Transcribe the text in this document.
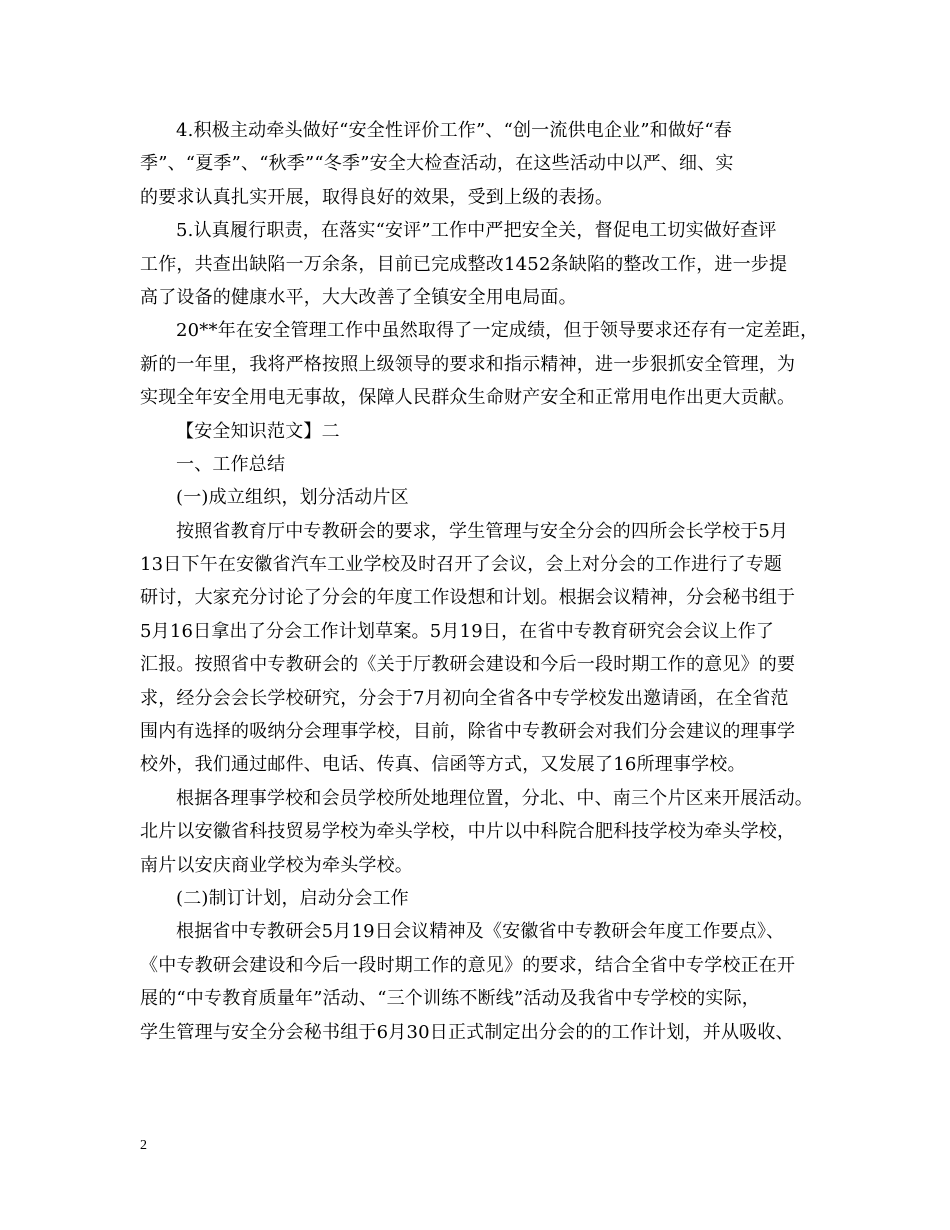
4.积极主动牵头做好“安全性评价工作”、“创一流供电企业”和做好“春
季”、“夏季”、“秋季”“冬季”安全大检查活动，在这些活动中以严、细、实
的要求认真扎实开展，取得良好的效果，受到上级的表扬。
5.认真履行职责，在落实“安评”工作中严把安全关，督促电工切实做好查评
工作，共查出缺陷一万余条，目前已完成整改1452条缺陷的整改工作，进一步提
高了设备的健康水平，大大改善了全镇安全用电局面。
20**年在安全管理工作中虽然取得了一定成绩，但于领导要求还存有一定差距，
新的一年里，我将严格按照上级领导的要求和指示精神，进一步狠抓安全管理，为
实现全年安全用电无事故，保障人民群众生命财产安全和正常用电作出更大贡献。
【安全知识范文】二
一、工作总结
(一)成立组织，划分活动片区
按照省教育厅中专教研会的要求，学生管理与安全分会的四所会长学校于5月
13日下午在安徽省汽车工业学校及时召开了会议，会上对分会的工作进行了专题
研讨，大家充分讨论了分会的年度工作设想和计划。根据会议精神，分会秘书组于
5月16日拿出了分会工作计划草案。5月19日，在省中专教育研究会会议上作了
汇报。按照省中专教研会的《关于厅教研会建设和今后一段时期工作的意见》的要
求，经分会会长学校研究，分会于7月初向全省各中专学校发出邀请函，在全省范
围内有选择的吸纳分会理事学校，目前，除省中专教研会对我们分会建议的理事学
校外，我们通过邮件、电话、传真、信函等方式，又发展了16所理事学校。
根据各理事学校和会员学校所处地理位置，分北、中、南三个片区来开展活动。
北片以安徽省科技贸易学校为牵头学校，中片以中科院合肥科技学校为牵头学校，
南片以安庆商业学校为牵头学校。
(二)制订计划，启动分会工作
根据省中专教研会5月19日会议精神及《安徽省中专教研会年度工作要点》、
《中专教研会建设和今后一段时期工作的意见》的要求，结合全省中专学校正在开
展的“中专教育质量年”活动、“三个训练不断线”活动及我省中专学校的实际，
学生管理与安全分会秘书组于6月30日正式制定出分会的的工作计划，并从吸收、
2
